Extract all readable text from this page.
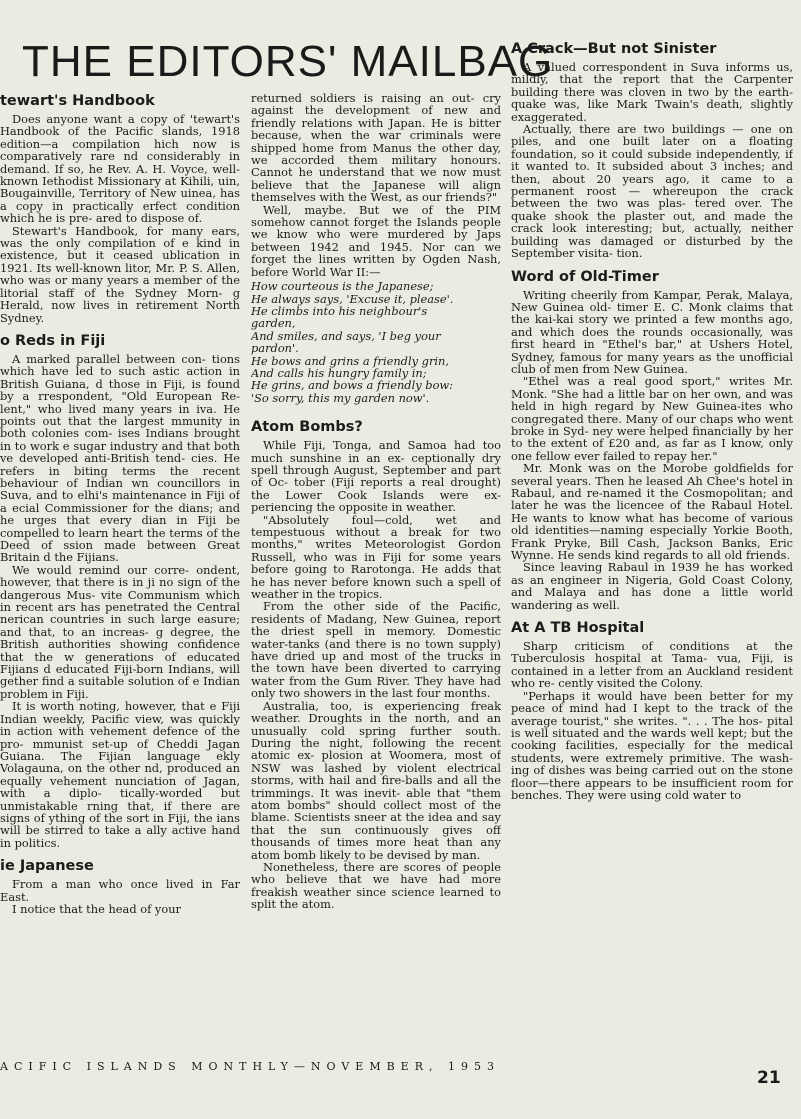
THE EDITORS' MAILBAG
tewart's Handbook

Does anyone want a copy of 'tewart's Handbook of the Pacific slands, 1918 edition—a compilation hich now is comparatively rare nd considerably in demand. If so, he Rev. A. H. Voyce, well-known Iethodist Missionary at Kihili, uin, Bougainville, Territory of New uinea, has a copy in practically erfect condition which he is pre- ared to dispose of.

Stewart's Handbook, for many ears, was the only compilation of e kind in existence, but it ceased ublication in 1921. Its well-known litor, Mr. P. S. Allen, who was or many years a member of the litorial staff of the Sydney Morn- g Herald, now lives in retirement North Sydney.

o Reds in Fiji

A marked parallel between con- tions which have led to such astic action in British Guiana, d those in Fiji, is found by a rrespondent, "Old European Re- lent," who lived many years in iva. He points out that the largest mmunity in both colonies com- ises Indians brought in to work e sugar industry and that both ve developed anti-British tend- cies. He refers in biting terms the recent behaviour of Indian wn councillors in Suva, and to elhi's maintenance in Fiji of a ecial Commissioner for the dians; and he urges that every dian in Fiji be compelled to learn heart the terms of the Deed of ssion made between Great Britain d the Fijians.

We would remind our corre- ondent, however, that there is in ji no sign of the dangerous Mus- vite Communism which in recent ars has penetrated the Central nerican countries in such large easure; and that, to an increas- g degree, the British authorities showing confidence that the w generations of educated Fijians d educated Fiji-born Indians, will gether find a suitable solution of e Indian problem in Fiji.

It is worth noting, however, that e Fiji Indian weekly, Pacific view, was quickly in action with vehement defence of the pro- mmunist set-up of Cheddi Jagan Guiana. The Fijian language ekly Volagauna, on the other nd, produced an equally vehement nunciation of Jagan, with a diplo- tically-worded but unmistakable rning that, if there are signs of ything of the sort in Fiji, the ians will be stirred to take a ally active hand in politics.

ie Japanese

From a man who once lived in Far East.

I notice that the head of your

returned soldiers is raising an out- cry against the development of new and friendly relations with Japan. He is bitter because, when the war criminals were shipped home from Manus the other day, we accorded them military honours. Cannot he understand that we now must believe that the Japanese will align themselves with the West, as our friends?"

Well, maybe. But we of the PIM somehow cannot forget the Islands people we know who were murdered by Japs between 1942 and 1945. Nor can we forget the lines written by Ogden Nash, before World War II:—

How courteous is the Japanese;
He always says, 'Excuse it, please'.
He climbs into his neighbour's
garden,
And smiles, and says, 'I beg your
pardon'.
He bows and grins a friendly grin,
And calls his hungry family in;
He grins, and bows a friendly bow:
'So sorry, this my garden now'.
Atom Bombs?

While Fiji, Tonga, and Samoa had too much sunshine in an ex- ceptionally dry spell through August, September and part of Oc- tober (Fiji reports a real drought) the Lower Cook Islands were ex- periencing the opposite in weather.

"Absolutely foul—cold, wet and tempestuous without a break for two months," writes Meteorologist Gordon Russell, who was in Fiji for some years before going to Rarotonga. He adds that he has never before known such a spell of weather in the tropics.

From the other side of the Pacific, residents of Madang, New Guinea, report the driest spell in memory. Domestic water-tanks (and there is no town supply) have dried up and most of the trucks in the town have been diverted to carrying water from the Gum River. They have had only two showers in the last four months.

Australia, too, is experiencing freak weather. Droughts in the north, and an unusually cold spring further south. During the night, following the recent atomic ex- plosion at Woomera, most of NSW was lashed by violent electrical storms, with hail and fire-balls and all the trimmings. It was inevit- able that "them atom bombs" should collect most of the blame. Scientists sneer at the idea and say that the sun continuously gives off thousands of times more heat than any atom bomb likely to be devised by man.

Nonetheless, there are scores of people who believe that we have had more freakish weather since science learned to split the atom.

A Crack—But not Sinister

A valued correspondent in Suva informs us, mildly, that the report that the Carpenter building there was cloven in two by the earth- quake was, like Mark Twain's death, slightly exaggerated.

Actually, there are two buildings — one on piles, and one built later on a floating foundation, so it could subside independently, if it wanted to. It subsided about 3 inches; and then, about 20 years ago, it came to a permanent roost — whereupon the crack between the two was plas- tered over. The quake shook the plaster out, and made the crack look interesting; but, actually, neither building was damaged or disturbed by the September visita- tion.

Word of Old-Timer

Writing cheerily from Kampar, Perak, Malaya, New Guinea old- timer E. C. Monk claims that the kai-kai story we printed a few months ago, and which does the rounds occasionally, was first heard in "Ethel's bar," at Ushers Hotel, Sydney, famous for many years as the unofficial club of men from New Guinea.

"Ethel was a real good sport," writes Mr. Monk. "She had a little bar on her own, and was held in high regard by New Guinea-ites who congregated there. Many of our chaps who went broke in Syd- ney were helped financially by her to the extent of £20 and, as far as I know, only one fellow ever failed to repay her."

Mr. Monk was on the Morobe goldfields for several years. Then he leased Ah Chee's hotel in Rabaul, and re-named it the Cosmopolitan; and later he was the licencee of the Rabaul Hotel. He wants to know what has become of various old identities—naming especially Yorkie Booth, Frank Pryke, Bill Cash, Jackson Banks, Eric Wynne. He sends kind regards to all old friends.

Since leaving Rabaul in 1939 he has worked as an engineer in Nigeria, Gold Coast Colony, and Malaya and has done a little world wandering as well.

At A TB Hospital

Sharp criticism of conditions at the Tuberculosis hospital at Tama- vua, Fiji, is contained in a letter from an Auckland resident who re- cently visited the Colony.

"Perhaps it would have been better for my peace of mind had I kept to the track of the average tourist," she writes. ". . . The hos- pital is well situated and the wards well kept; but the cooking facilities, especially for the medical students, were extremely primitive. The wash- ing of dishes was being carried out on the stone floor—there appears to be insufficient room for benches. They were using cold water to

ACIFIC ISLANDS MONTHLY—NOVEMBER, 1953
21
